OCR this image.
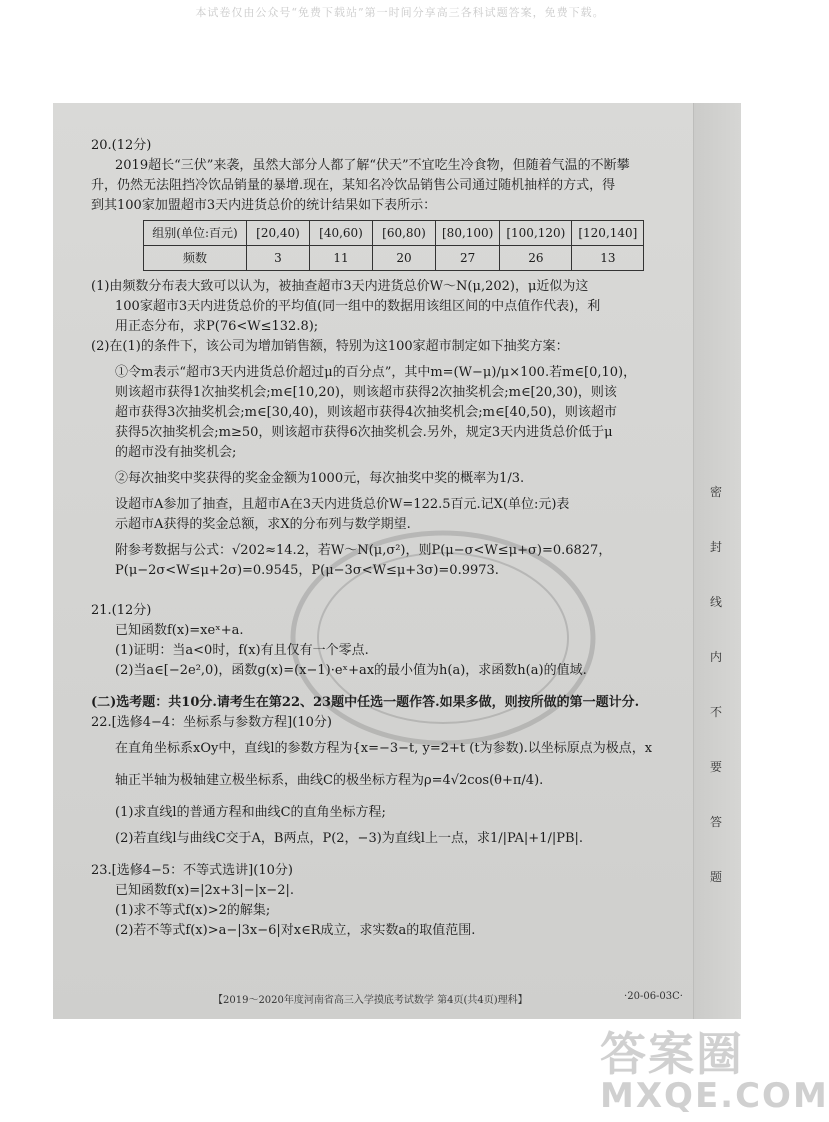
本试卷仅由公众号“免费下载站”第一时间分享高三各科试题答案，免费下载。
密
封
线
内
不
要
答
题

20.(12分)

2019超长“三伏”来袭，虽然大部分人都了解“伏天”不宜吃生冷食物，但随着气温的不断攀

升，仍然无法阻挡冷饮品销量的暴增.现在，某知名冷饮品销售公司通过随机抽样的方式，得

到其100家加盟超市3天内进货总价的统计结果如下表所示：

组别(单位:百元)	[20,40)	[40,60)	[60,80)	[80,100)	[100,120)	[120,140]
频数	3	11	20	27	26	13

(1)由频数分布表大致可以认为，被抽查超市3天内进货总价W～N(μ,202)，μ近似为这

100家超市3天内进货总价的平均值(同一组中的数据用该组区间的中点值作代表)，利

用正态分布，求P(76<W≤132.8);

(2)在(1)的条件下，该公司为增加销售额，特别为这100家超市制定如下抽奖方案：

①令m表示“超市3天内进货总价超过μ的百分点”，其中m=(W−μ)/μ×100.若m∈[0,10)，

则该超市获得1次抽奖机会;m∈[10,20)，则该超市获得2次抽奖机会;m∈[20,30)，则该

超市获得3次抽奖机会;m∈[30,40)，则该超市获得4次抽奖机会;m∈[40,50)，则该超市

获得5次抽奖机会;m≥50，则该超市获得6次抽奖机会.另外，规定3天内进货总价低于μ

的超市没有抽奖机会;

②每次抽奖中奖获得的奖金金额为1000元，每次抽奖中奖的概率为1/3.

设超市A参加了抽查，且超市A在3天内进货总价W=122.5百元.记X(单位:元)表

示超市A获得的奖金总额，求X的分布列与数学期望.

附参考数据与公式：√202≈14.2，若W～N(μ,σ²)，则P(μ−σ<W≤μ+σ)=0.6827，

P(μ−2σ<W≤μ+2σ)=0.9545，P(μ−3σ<W≤μ+3σ)=0.9973.

21.(12分)

已知函数f(x)=xeˣ+a.

(1)证明：当a<0时，f(x)有且仅有一个零点.

(2)当a∈[−2e²,0)，函数g(x)=(x−1)·eˣ+ax的最小值为h(a)，求函数h(a)的值域.

(二)选考题：共10分.请考生在第22、23题中任选一题作答.如果多做，则按所做的第一题计分.

22.[选修4−4：坐标系与参数方程](10分)

在直角坐标系xOy中，直线l的参数方程为{x=−3−t, y=2+t (t为参数).以坐标原点为极点，x

轴正半轴为极轴建立极坐标系，曲线C的极坐标方程为ρ=4√2cos(θ+π/4).

(1)求直线l的普通方程和曲线C的直角坐标方程;

(2)若直线l与曲线C交于A，B两点，P(2，−3)为直线l上一点，求1/|PA|+1/|PB|.

23.[选修4−5：不等式选讲](10分)

已知函数f(x)=|2x+3|−|x−2|.

(1)求不等式f(x)>2的解集;

(2)若不等式f(x)>a−|3x−6|对x∈R成立，求实数a的取值范围.

【2019～2020年度河南省高三入学摸底考试数学 第4页(共4页)理科】	·20-06-03C·
答案圈
MXQE.COM
